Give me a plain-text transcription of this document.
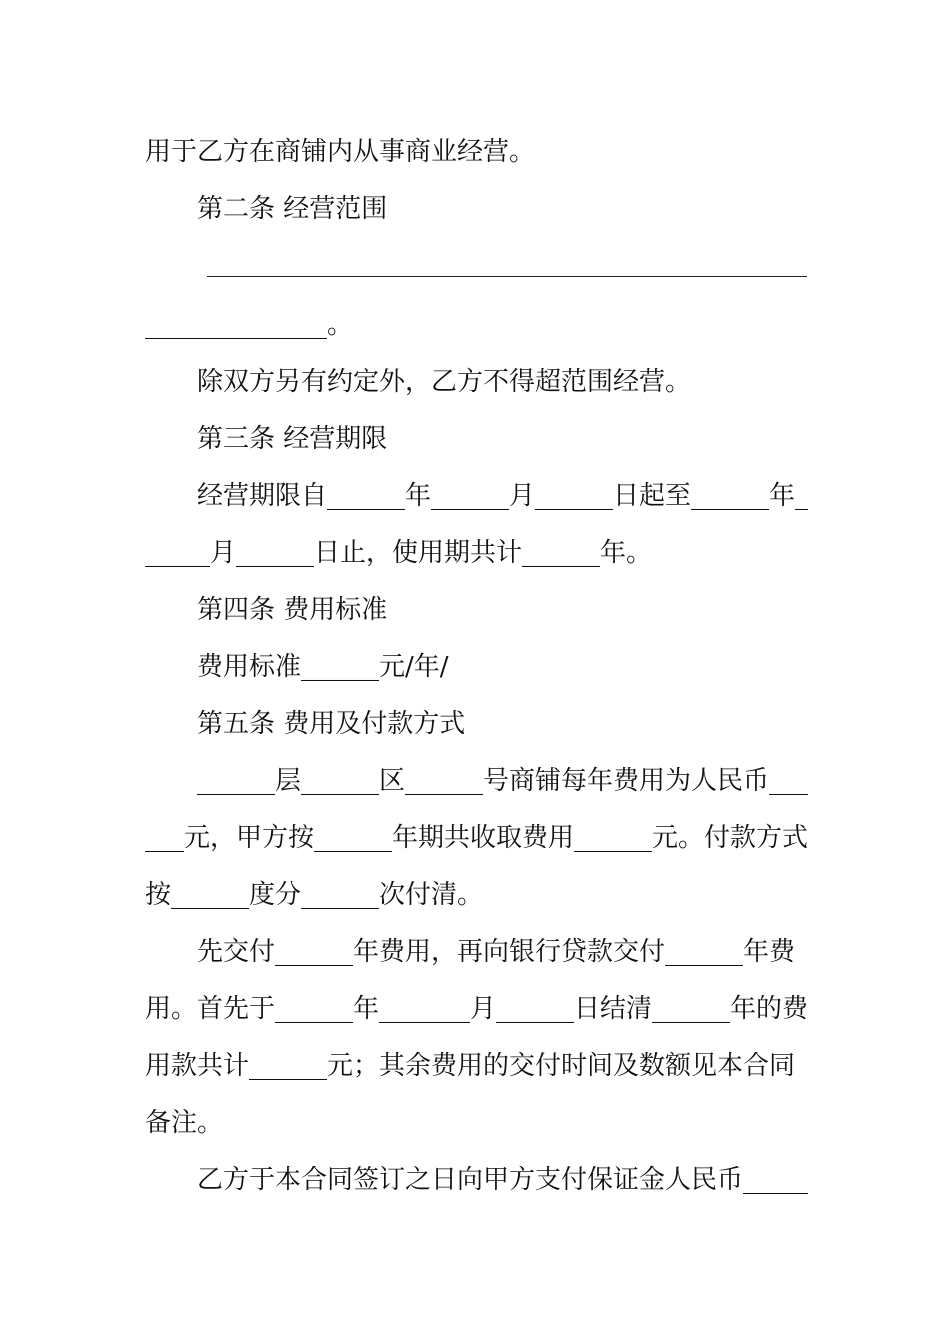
用于乙方在商铺内从事商业经营。
第二条 经营范围
______________。
除双方另有约定外，乙方不得超范围经营。
第三条 经营期限
经营期限自______年______月______日起至______年_
_____月______日止，使用期共计______年。
第四条 费用标准
费用标准______元/年/
第五条 费用及付款方式
______层______区______号商铺每年费用为人民币___
___元，甲方按______年期共收取费用______元。付款方式
按______度分______次付清。
先交付______年费用，再向银行贷款交付______年费
用。首先于______年_______月______日结清______年的费
用款共计______元；其余费用的交付时间及数额见本合同
备注。
乙方于本合同签订之日向甲方支付保证金人民币_____
